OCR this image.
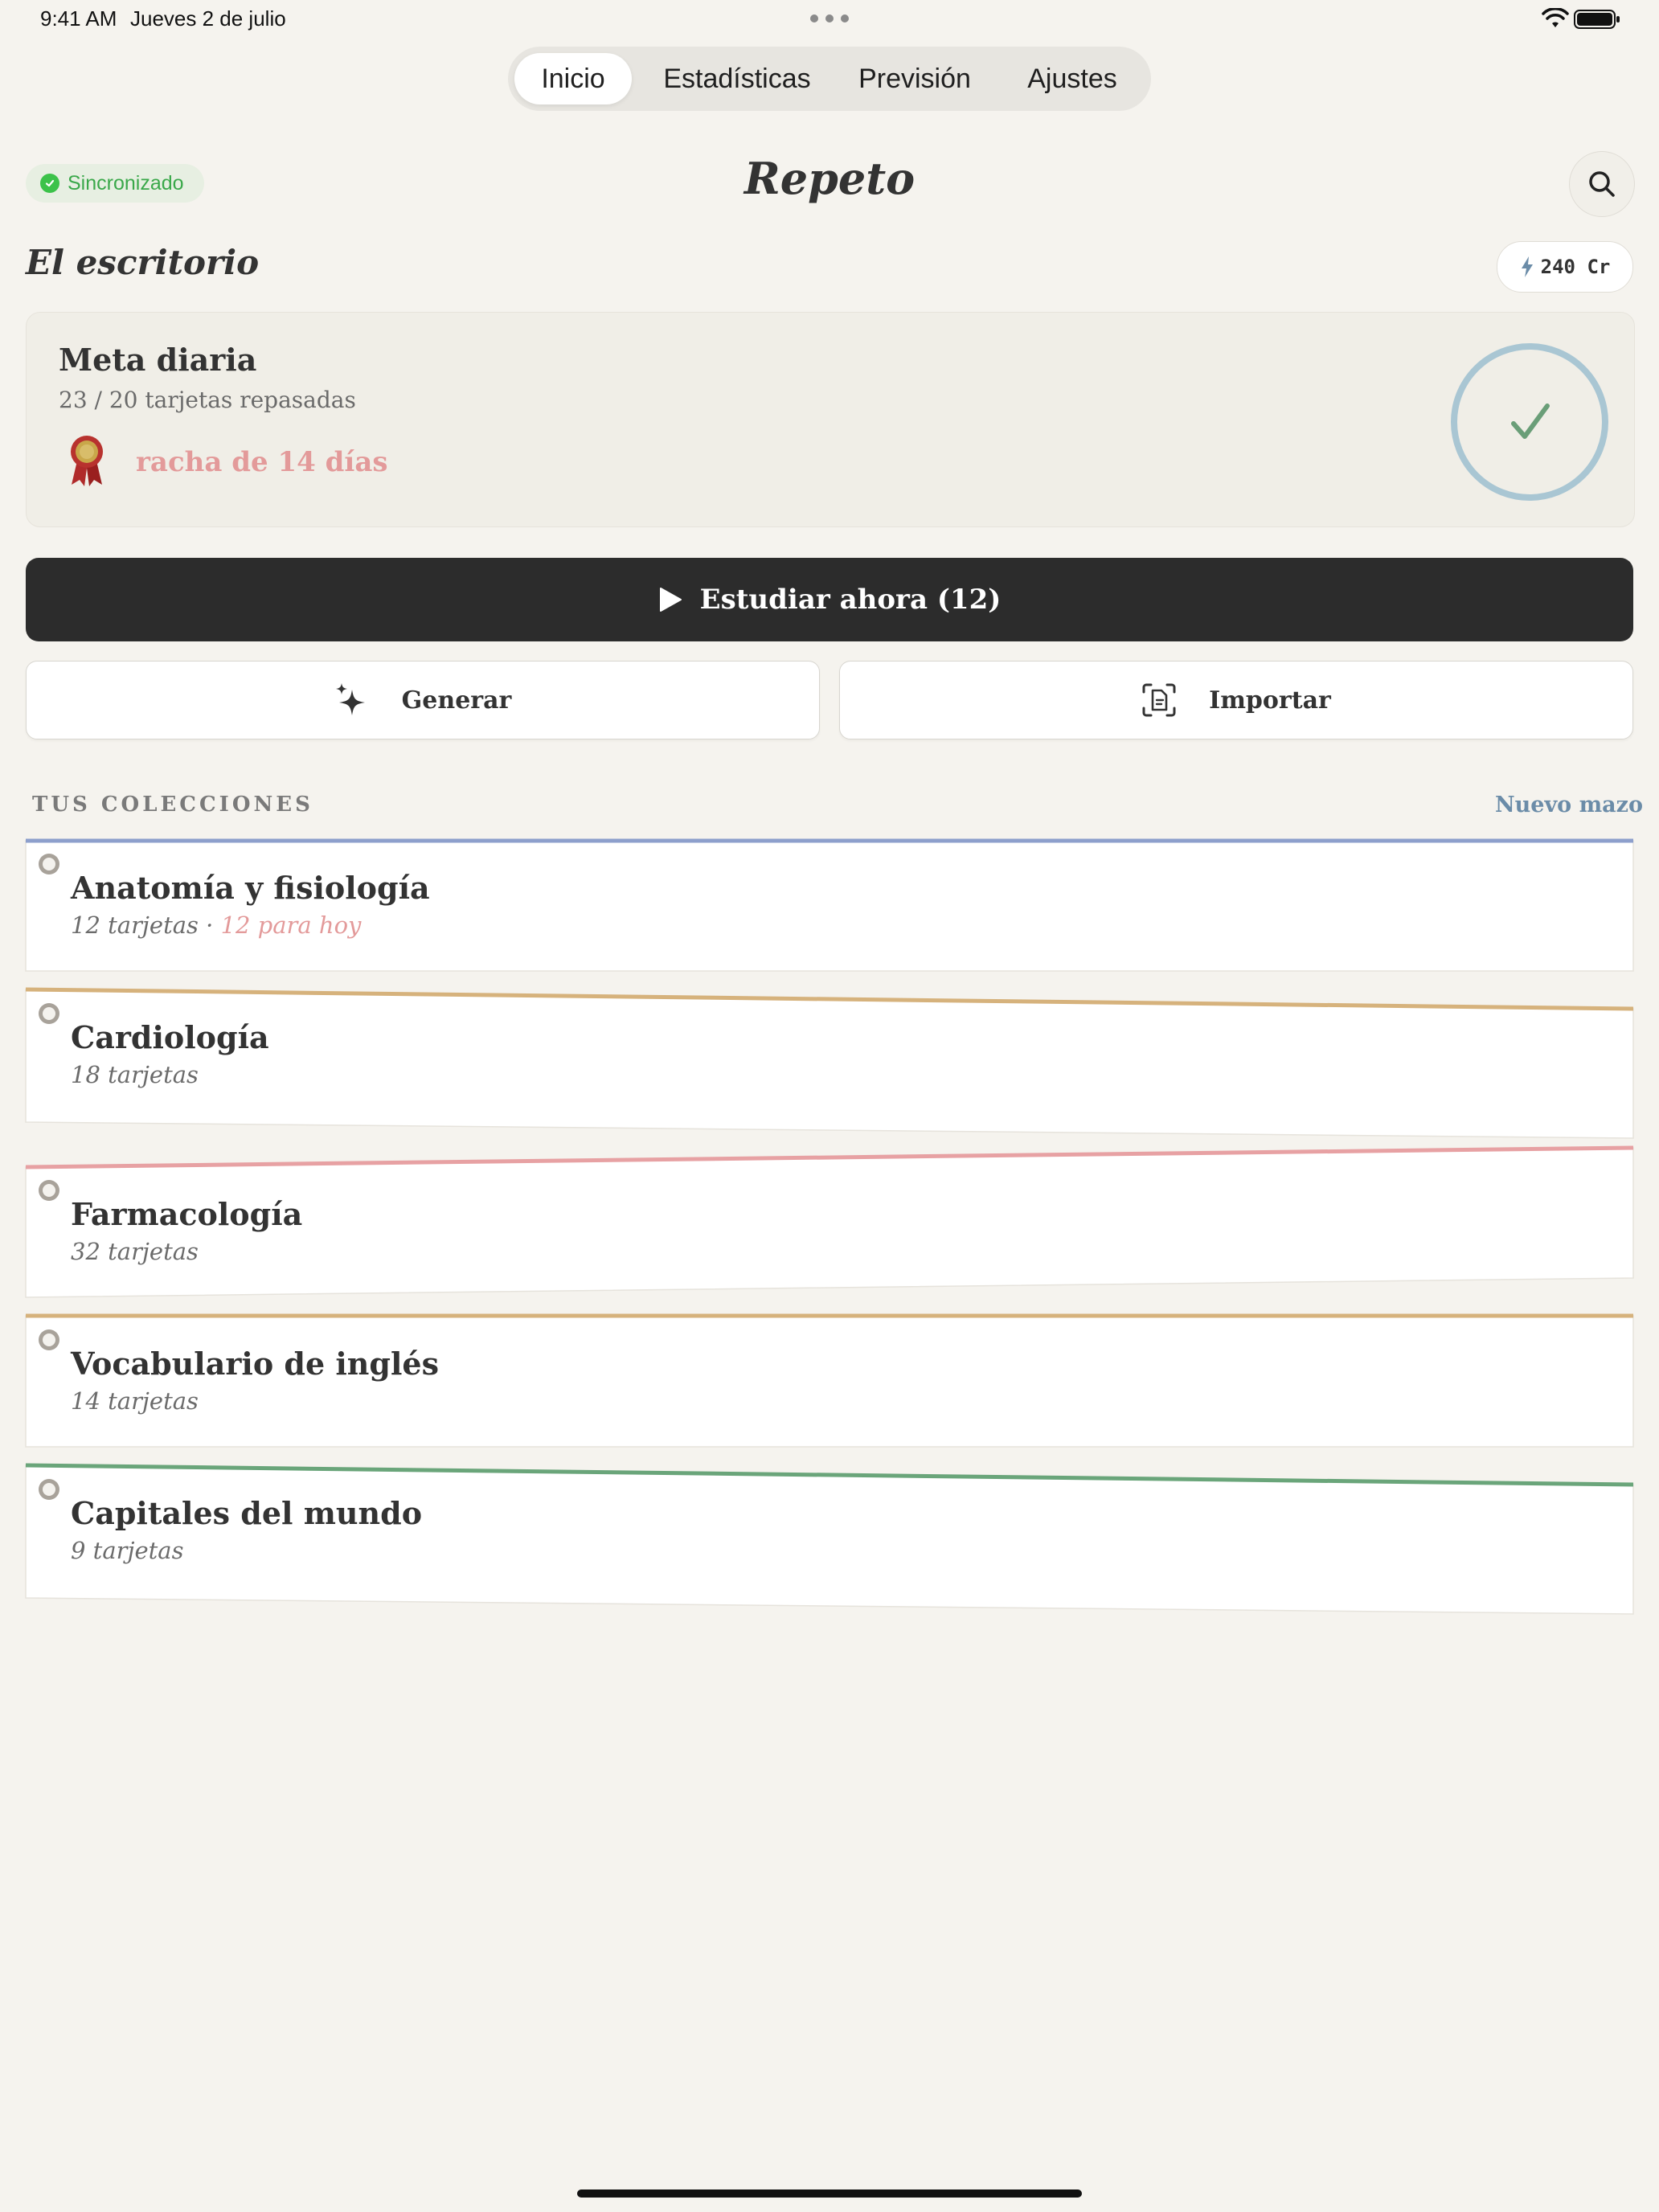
9:41 AM Jueves 2 de julio
Inicio	Estadísticas	Previsión	Ajustes
Sincronizado	Repeto
El escritorio	240 Cr
Meta diaria
23 / 20 tarjetas repasadas
racha de 14 días
Estudiar ahora (12)
Generar	Importar
TUS COLECCIONES	Nuevo mazo
Anatomía y fisiología
12 tarjetas · 12 para hoy
Cardiología
18 tarjetas
Farmacología
32 tarjetas
Vocabulario de inglés
14 tarjetas
Capitales del mundo
9 tarjetas
